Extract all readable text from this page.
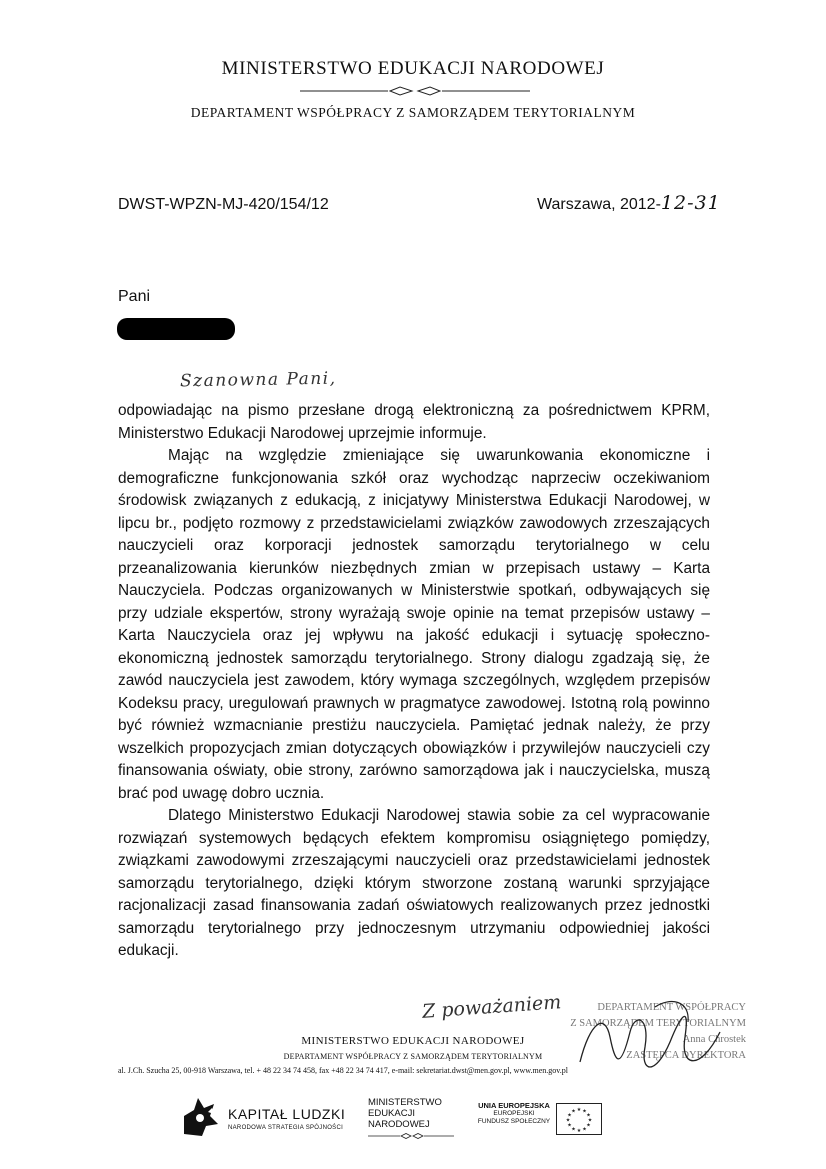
MINISTERSTWO EDUKACJI NARODOWEJ
DEPARTAMENT WSPÓŁPRACY Z SAMORZĄDEM TERYTORIALNYM
DWST-WPZN-MJ-420/154/12	Warszawa, 2012-12-31
Pani
Szanowna Pani,

odpowiadając na pismo przesłane drogą elektroniczną za pośrednictwem KPRM, Ministerstwo Edukacji Narodowej uprzejmie informuje.

Mając na względzie zmieniające się uwarunkowania ekonomiczne i demograficzne funkcjonowania szkół oraz wychodząc naprzeciw oczekiwaniom środowisk związanych z edukacją, z inicjatywy Ministerstwa Edukacji Narodowej, w lipcu br., podjęto rozmowy z przedstawicielami związków zawodowych zrzeszających nauczycieli oraz korporacji jednostek samorządu terytorialnego w celu przeanalizowania kierunków niezbędnych zmian w przepisach ustawy – Karta Nauczyciela. Podczas organizowanych w Ministerstwie spotkań, odbywających się przy udziale ekspertów, strony wyrażają swoje opinie na temat przepisów ustawy – Karta Nauczyciela oraz jej wpływu na jakość edukacji i sytuację społeczno-ekonomiczną jednostek samorządu terytorialnego. Strony dialogu zgadzają się, że zawód nauczyciela jest zawodem, który wymaga szczególnych, względem przepisów Kodeksu pracy, uregulowań prawnych w pragmatyce zawodowej. Istotną rolą powinno być również wzmacnianie prestiżu nauczyciela. Pamiętać jednak należy, że przy wszelkich propozycjach zmian dotyczących obowiązków i przywilejów nauczycieli czy finansowania oświaty, obie strony, zarówno samorządowa jak i nauczycielska, muszą brać pod uwagę dobro ucznia.

Dlatego Ministerstwo Edukacji Narodowej stawia sobie za cel wypracowanie rozwiązań systemowych będących efektem kompromisu osiągniętego pomiędzy, związkami zawodowymi zrzeszającymi nauczycieli oraz przedstawicielami jednostek samorządu terytorialnego, dzięki którym stworzone zostaną warunki sprzyjające racjonalizacji zasad finansowania zadań oświatowych realizowanych przez jednostki samorządu terytorialnego przy jednoczesnym utrzymaniu odpowiedniej jakości edukacji.

Z poważaniem	DEPARTAMENT WSPÓŁPRACY
Z SAMORZĄDEM TERYTORIALNYM
Anna Chrostek
ZASTĘPCA DYREKTORA
MINISTERSTWO EDUKACJI NARODOWEJ
DEPARTAMENT WSPÓŁPRACY Z SAMORZĄDEM TERYTORIALNYM
al. J.Ch. Szucha 25, 00-918 Warszawa, tel. + 48 22 34 74 458, fax +48 22 34 74 417, e-mail: sekretariat.dwst@men.gov.pl, www.men.gov.pl
KAPITAŁ LUDZKI
NARODOWA STRATEGIA SPÓJNOŚCI
MINISTERSTWO
EDUKACJI
NARODOWEJ
UNIA EUROPEJSKA
EUROPEJSKI
FUNDUSZ SPOŁECZNY
★ ★
★
★
★
★
★
★
★
★
★
★
